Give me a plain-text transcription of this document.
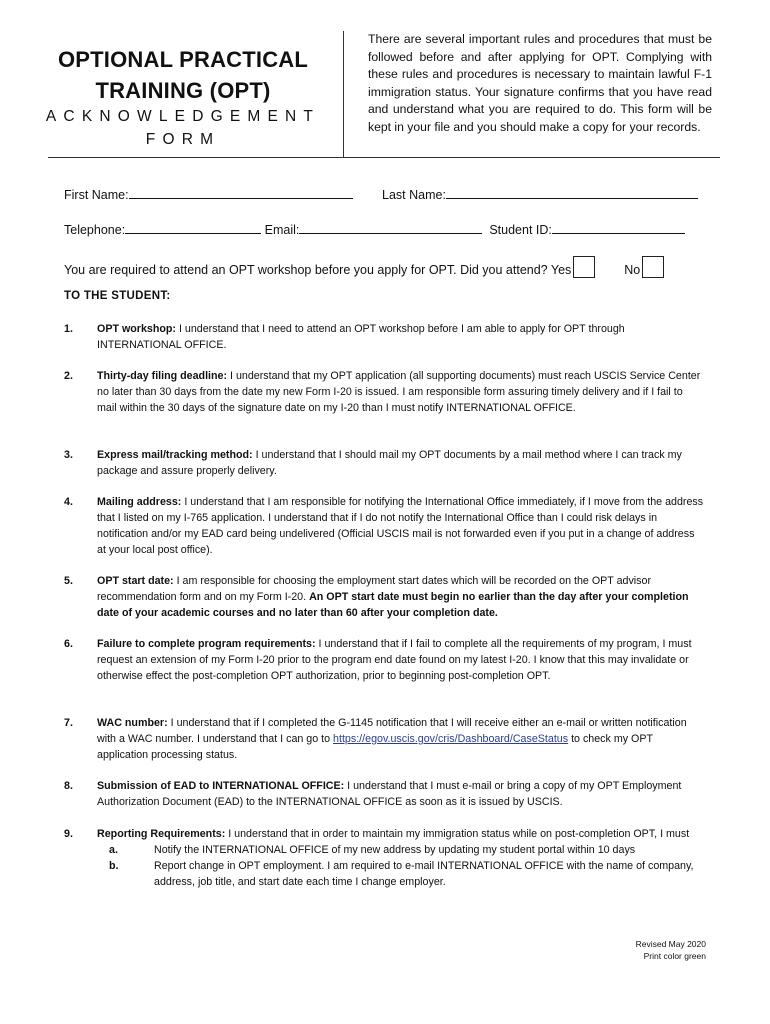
OPTIONAL PRACTICAL
TRAINING (OPT)
ACKNOWLEDGEMENT
FORM
There are several important rules and procedures that must be followed before and after applying for OPT. Complying with these rules and procedures is necessary to maintain lawful F-1 immigration status. Your signature confirms that you have read and understand what you are required to do. This form will be kept in your file and you should make a copy for your records.
First Name:	Last Name:
Telephone:	Email:	Student ID:
You are required to attend an OPT workshop before you apply for OPT. Did you attend? Yes	No
TO THE STUDENT:
1. OPT workshop: I understand that I need to attend an OPT workshop before I am able to apply for OPT through INTERNATIONAL OFFICE.
2. Thirty-day filing deadline: I understand that my OPT application (all supporting documents) must reach USCIS Service Center no later than 30 days from the date my new Form I-20 is issued. I am responsible form assuring timely delivery and if I fail to mail within the 30 days of the signature date on my I-20 than I must notify INTERNATIONAL OFFICE.
3. Express mail/tracking method: I understand that I should mail my OPT documents by a mail method where I can track my package and assure properly delivery.
4. Mailing address: I understand that I am responsible for notifying the International Office immediately, if I move from the address that I listed on my I-765 application. I understand that if I do not notify the International Office than I could risk delays in notification and/or my EAD card being undelivered (Official USCIS mail is not forwarded even if you put in a change of address at your local post office).
5. OPT start date: I am responsible for choosing the employment start dates which will be recorded on the OPT advisor recommendation form and on my Form I-20. An OPT start date must begin no earlier than the day after your completion date of your academic courses and no later than 60 after your completion date.
6. Failure to complete program requirements: I understand that if I fail to complete all the requirements of my program, I must request an extension of my Form I-20 prior to the program end date found on my latest I-20. I know that this may invalidate or otherwise effect the post-completion OPT authorization, prior to beginning post-completion OPT.
7. WAC number: I understand that if I completed the G-1145 notification that I will receive either an e-mail or written notification with a WAC number. I understand that I can go to https://egov.uscis.gov/cris/Dashboard/CaseStatus to check my OPT application processing status.
8. Submission of EAD to INTERNATIONAL OFFICE: I understand that I must e-mail or bring a copy of my OPT Employment Authorization Document (EAD) to the INTERNATIONAL OFFICE as soon as it is issued by USCIS.
9. Reporting Requirements: I understand that in order to maintain my immigration status while on post-completion OPT, I must
a.	Notify the INTERNATIONAL OFFICE of my new address by updating my student portal within 10 days
b.	Report change in OPT employment. I am required to e-mail INTERNATIONAL OFFICE with the name of company, address, job title, and start date each time I change employer.
Revised May 2020
Print color green
